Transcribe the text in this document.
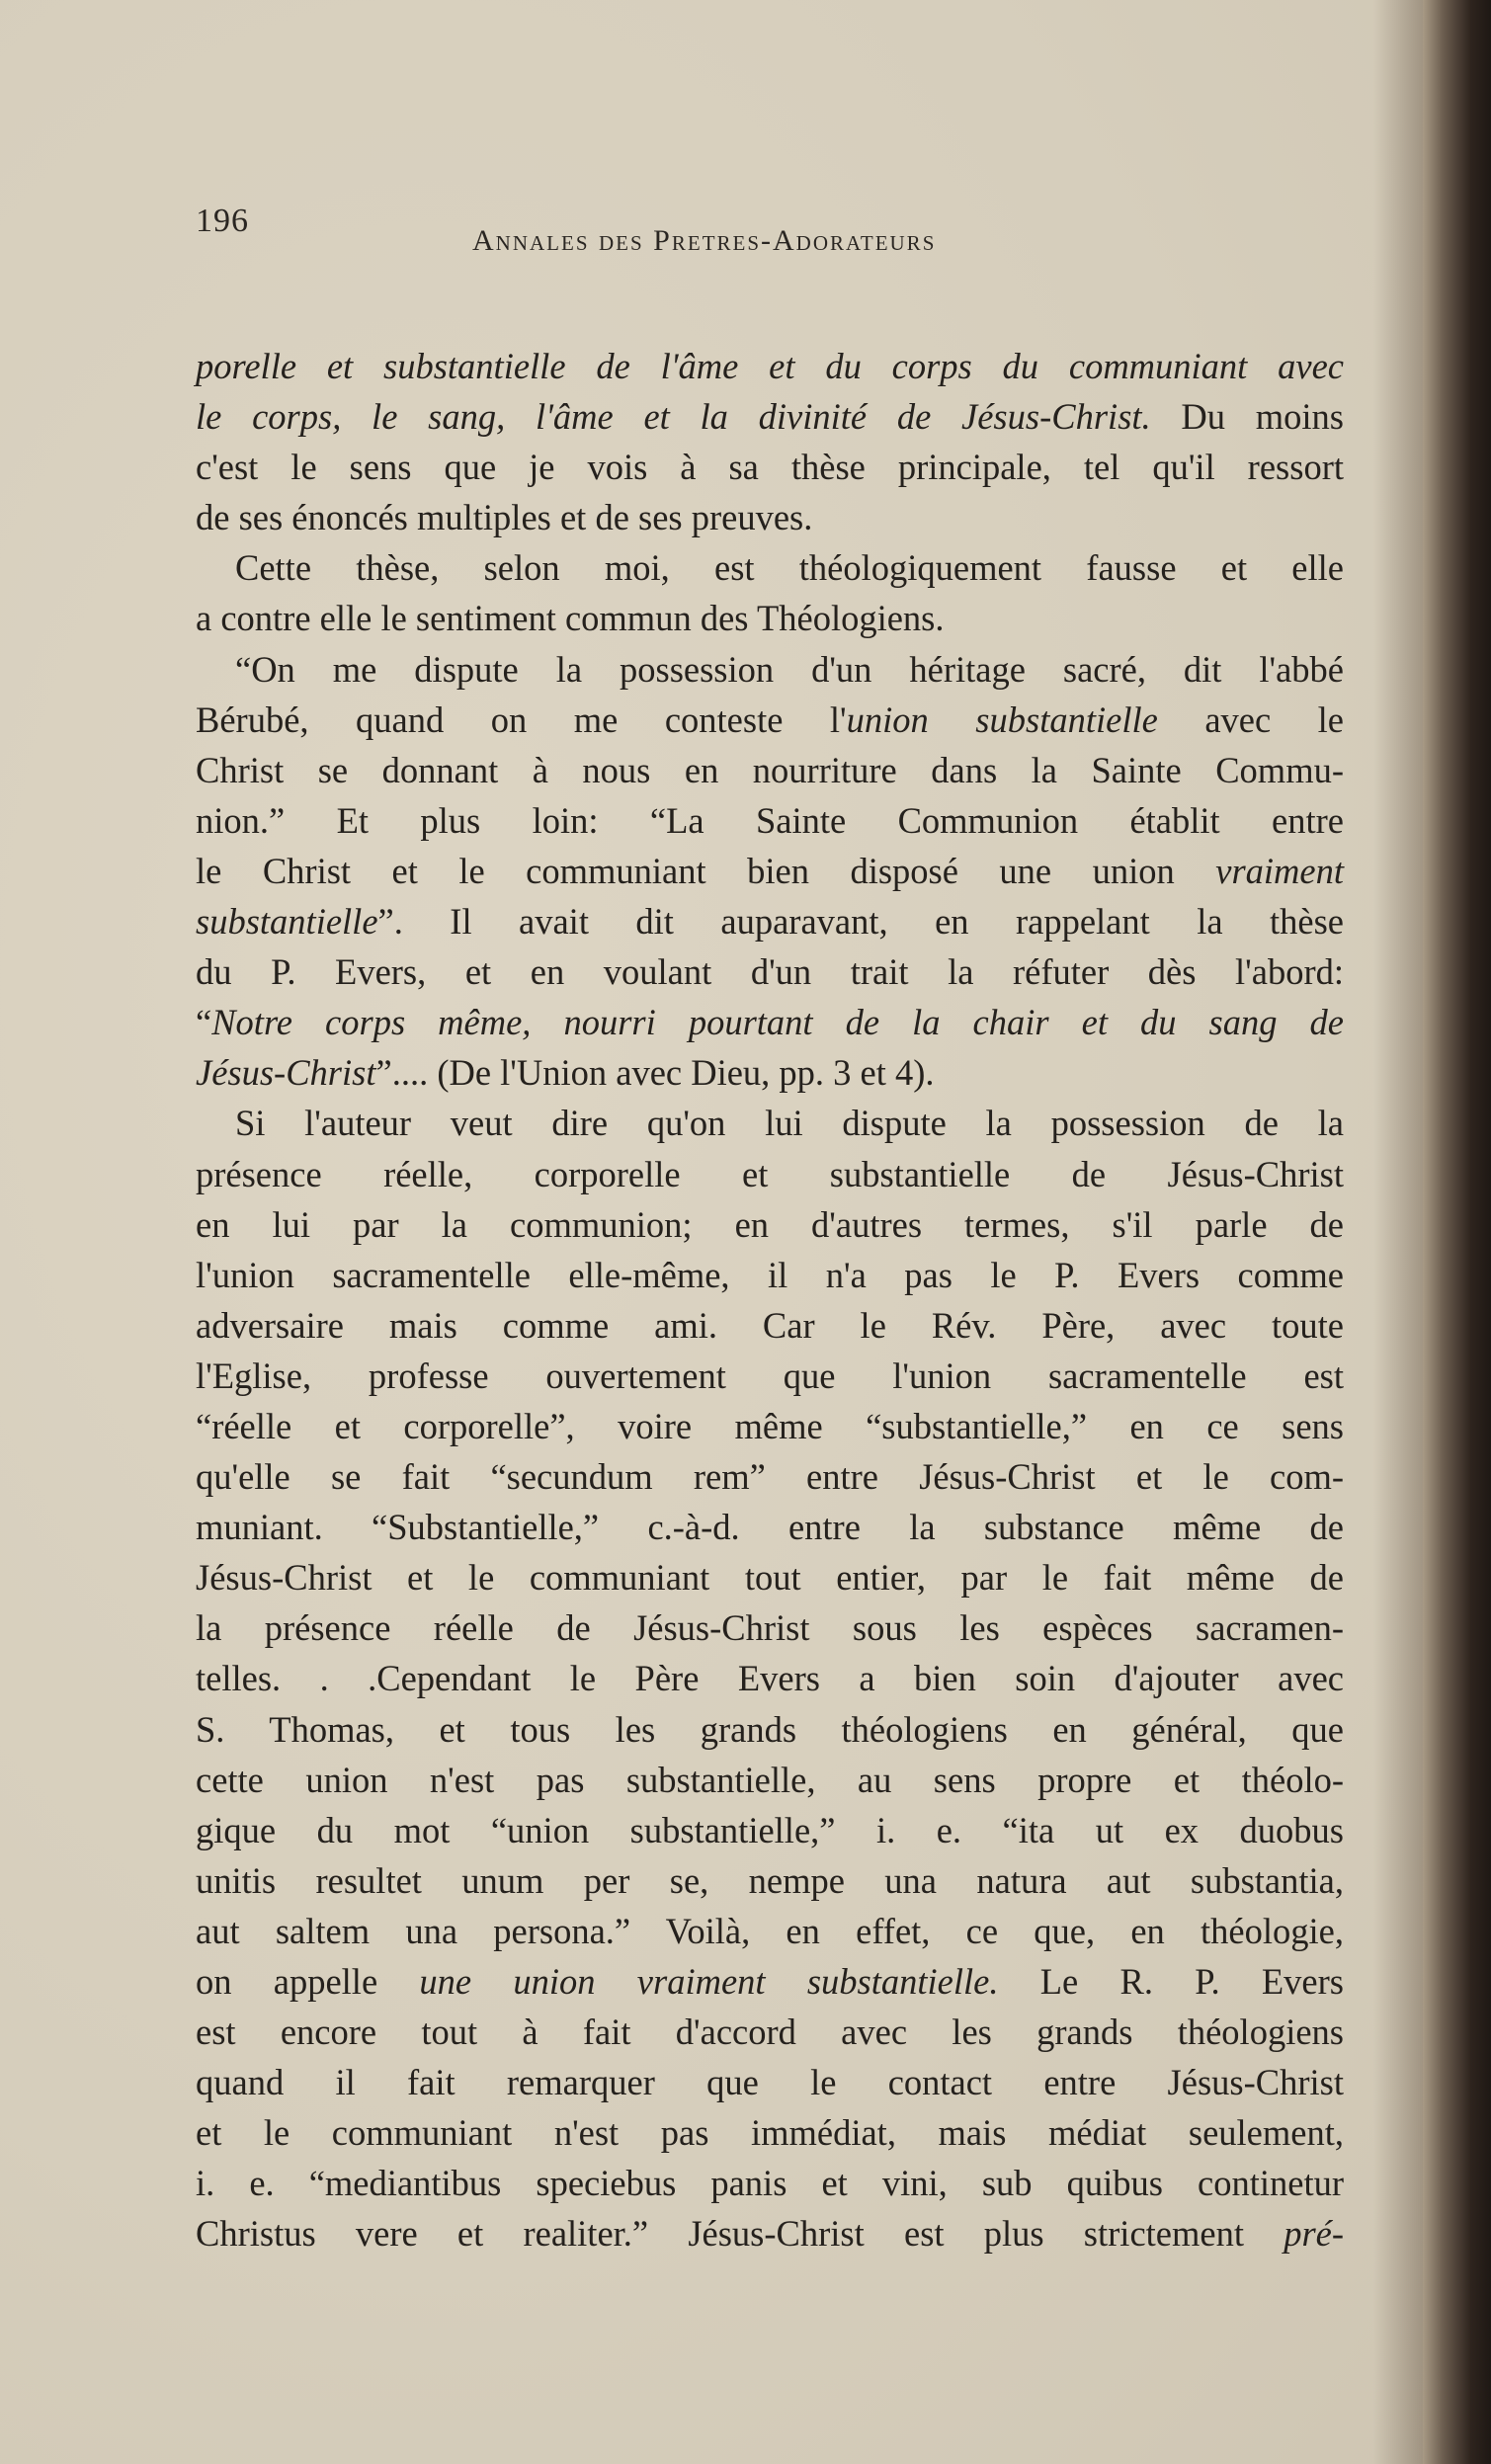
196
Annales des Pretres-Adorateurs
porelle et substantielle de l'âme et du corps du communiant avec
le corps, le sang, l'âme et la divinité de Jésus-Christ. Du moins
c'est le sens que je vois à sa thèse principale, tel qu'il ressort
de ses énoncés multiples et de ses preuves.
Cette thèse, selon moi, est théologiquement fausse et elle
a contre elle le sentiment commun des Théologiens.
“On me dispute la possession d'un héritage sacré, dit l'abbé
Bérubé, quand on me conteste l'union substantielle avec le
Christ se donnant à nous en nourriture dans la Sainte Commu-
nion.” Et plus loin: “La Sainte Communion établit entre
le Christ et le communiant bien disposé une union vraiment
substantielle”. Il avait dit auparavant, en rappelant la thèse
du P. Evers, et en voulant d'un trait la réfuter dès l'abord:
“Notre corps même, nourri pourtant de la chair et du sang de
Jésus-Christ”.... (De l'Union avec Dieu, pp. 3 et 4).
Si l'auteur veut dire qu'on lui dispute la possession de la
présence réelle, corporelle et substantielle de Jésus-Christ
en lui par la communion; en d'autres termes, s'il parle de
l'union sacramentelle elle-même, il n'a pas le P. Evers comme
adversaire mais comme ami. Car le Rév. Père, avec toute
l'Eglise, professe ouvertement que l'union sacramentelle est
“réelle et corporelle”, voire même “substantielle,” en ce sens
qu'elle se fait “secundum rem” entre Jésus-Christ et le com-
muniant. “Substantielle,” c.-à-d. entre la substance même de
Jésus-Christ et le communiant tout entier, par le fait même de
la présence réelle de Jésus-Christ sous les espèces sacramen-
telles. . .Cependant le Père Evers a bien soin d'ajouter avec
S. Thomas, et tous les grands théologiens en général, que
cette union n'est pas substantielle, au sens propre et théolo-
gique du mot “union substantielle,” i. e. “ita ut ex duobus
unitis resultet unum per se, nempe una natura aut substantia,
aut saltem una persona.” Voilà, en effet, ce que, en théologie,
on appelle une union vraiment substantielle. Le R. P. Evers
est encore tout à fait d'accord avec les grands théologiens
quand il fait remarquer que le contact entre Jésus-Christ
et le communiant n'est pas immédiat, mais médiat seulement,
i. e. “mediantibus speciebus panis et vini, sub quibus continetur
Christus vere et realiter.” Jésus-Christ est plus strictement pré-
